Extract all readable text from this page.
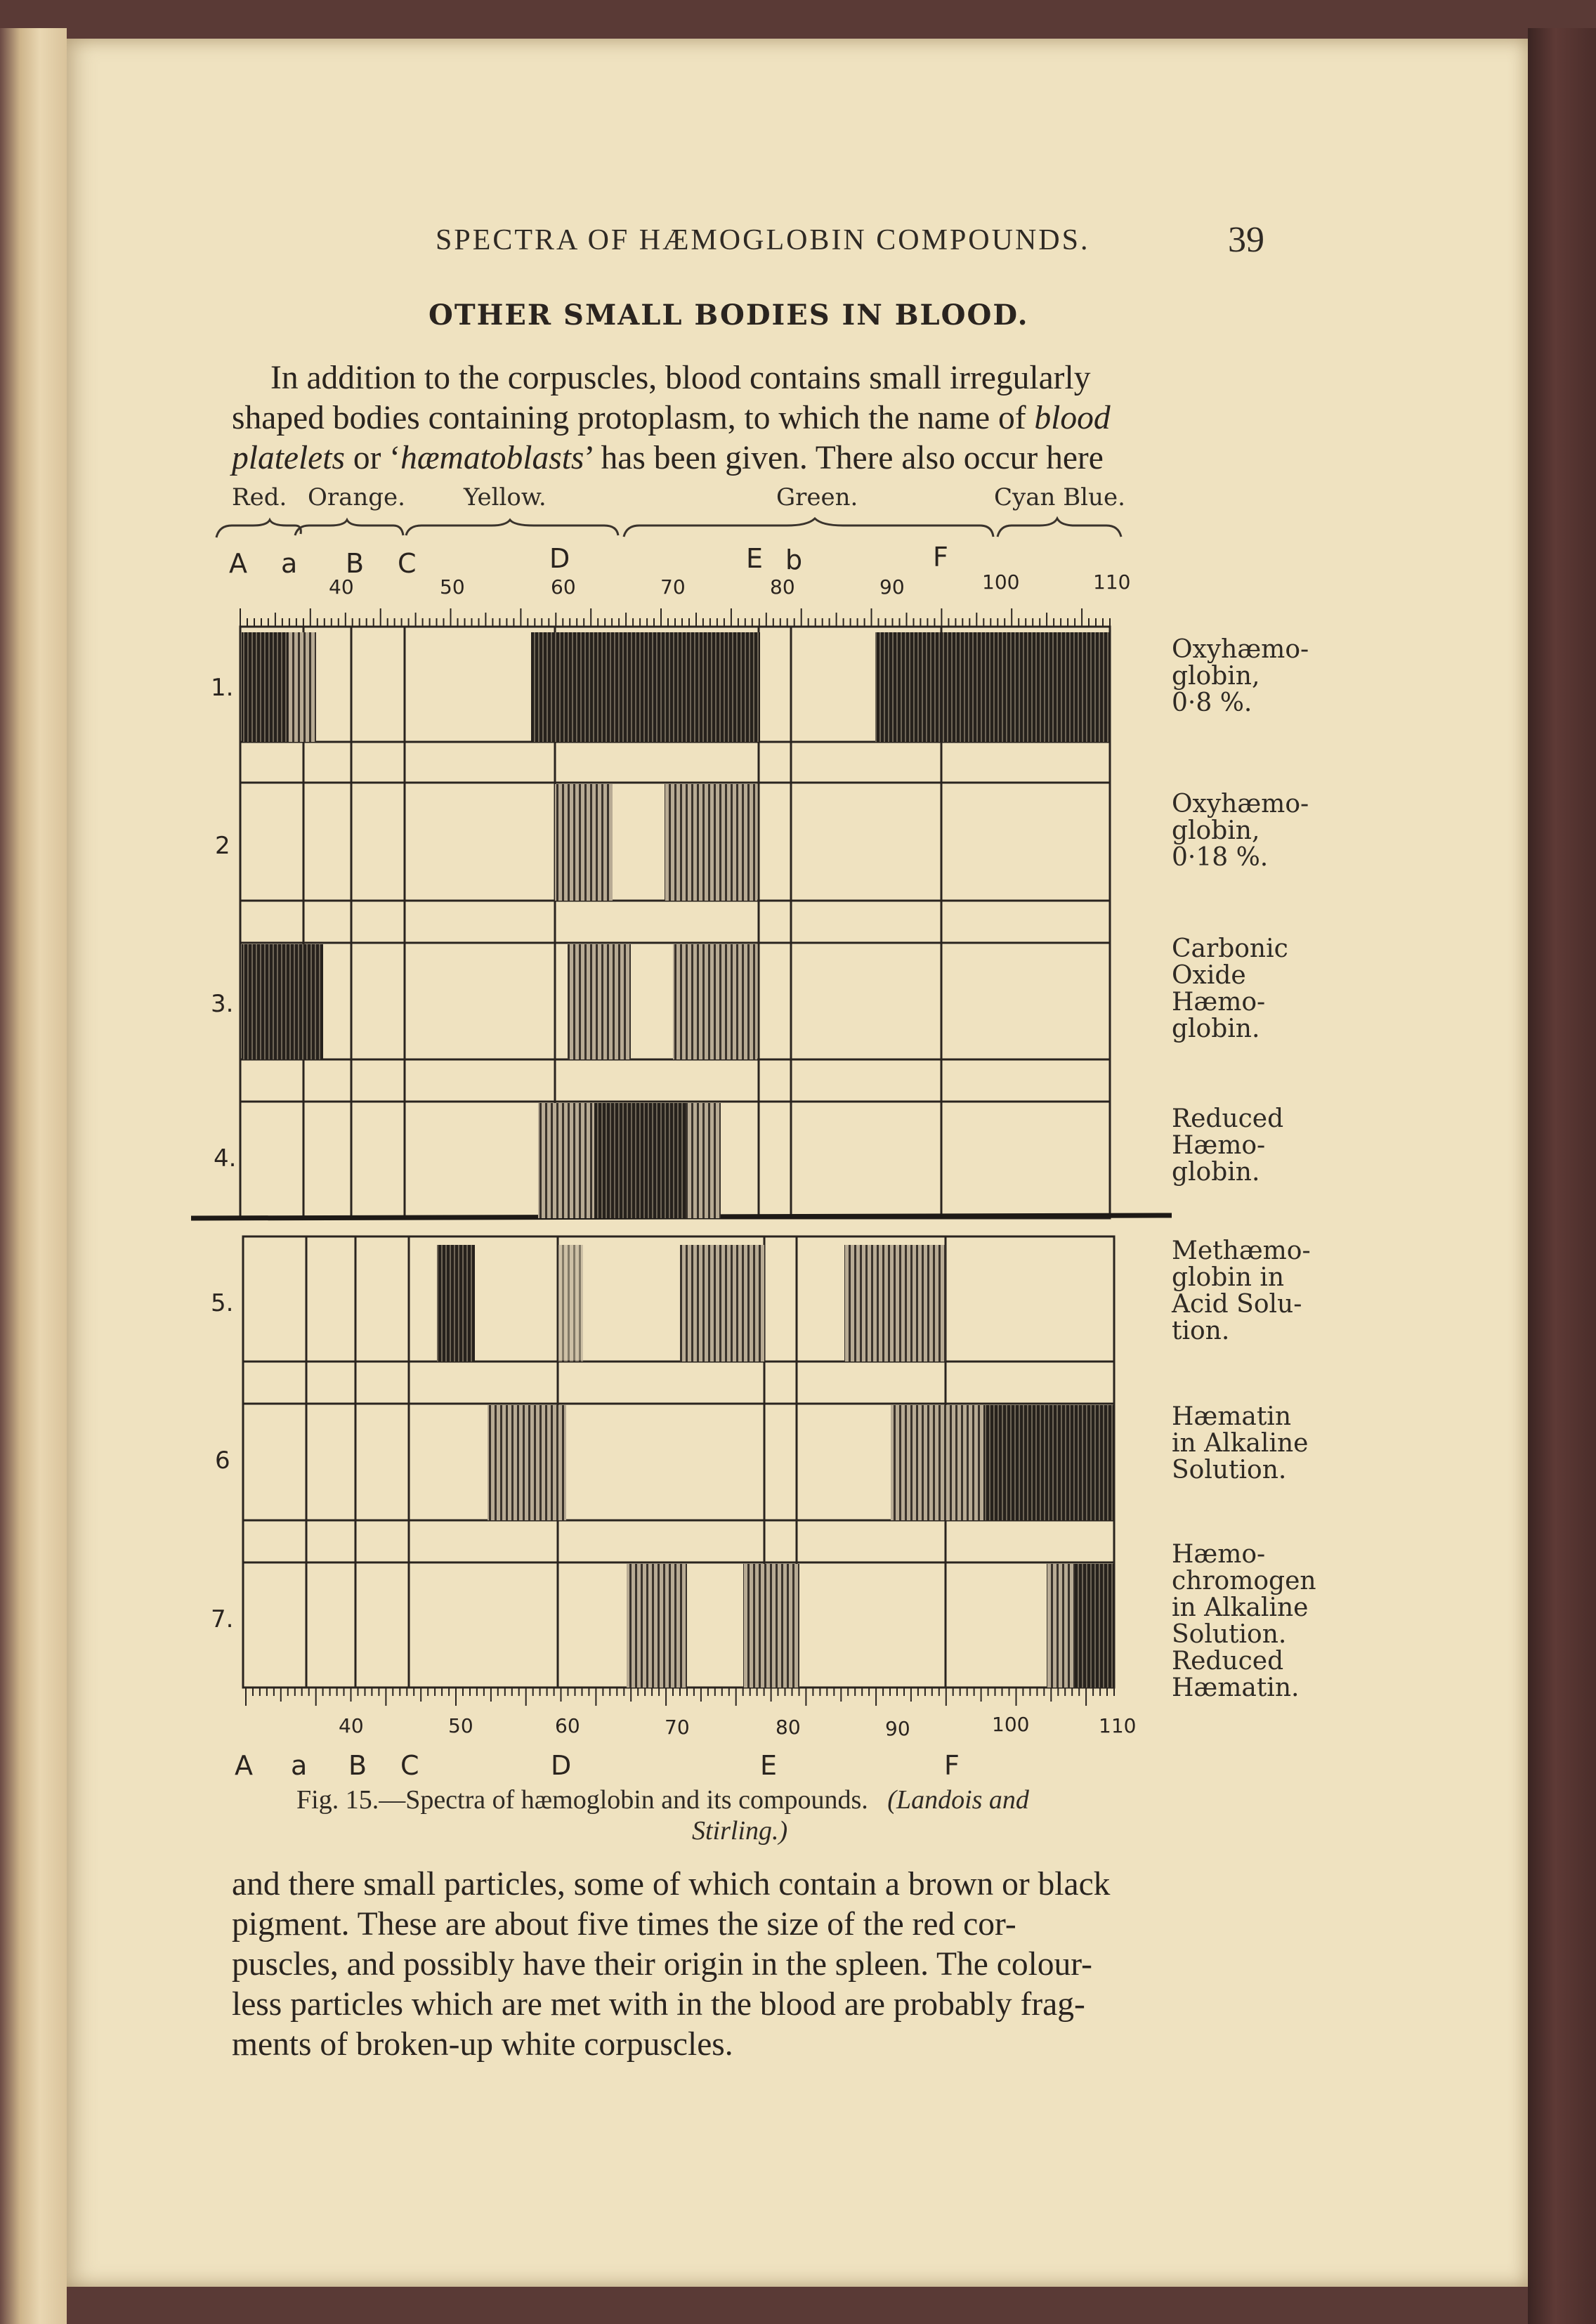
SPECTRA OF HÆMOGLOBIN COMPOUNDS.	39
OTHER SMALL BODIES IN BLOOD.
In addition to the corpuscles, blood contains small irregularly
shaped bodies containing protoplasm, to which the name of blood
platelets or ‘hæmatoblasts’ has been given. There also occur here
Red. Orange. Yellow.	Green.	Cyan Blue.
A a B C	D	E b	F
40	50	60	70	80	90	100	110
1.
2
3.
4.
5.
6
7.
40	50	60	70	80	90	100	110
A a B C	D	E	F
Oxyhæmo-
globin,
0·8 %.
Oxyhæmo-
globin,
0·18 %.
Carbonic
Oxide
Hæmo-
globin.
Reduced
Hæmo-
globin.
Methæmo-
globin in
Acid Solu-
tion.
Hæmatin
in Alkaline
Solution.
Hæmo-
chromogen
in Alkaline
Solution.
Reduced
Hæmatin.
Fig. 15.—Spectra of hæmoglobin and its compounds. (Landois and
Stirling.)
and there small particles, some of which contain a brown or black
pigment. These are about five times the size of the red cor-
puscles, and possibly have their origin in the spleen. The colour-
less particles which are met with in the blood are probably frag-
ments of broken-up white corpuscles.
